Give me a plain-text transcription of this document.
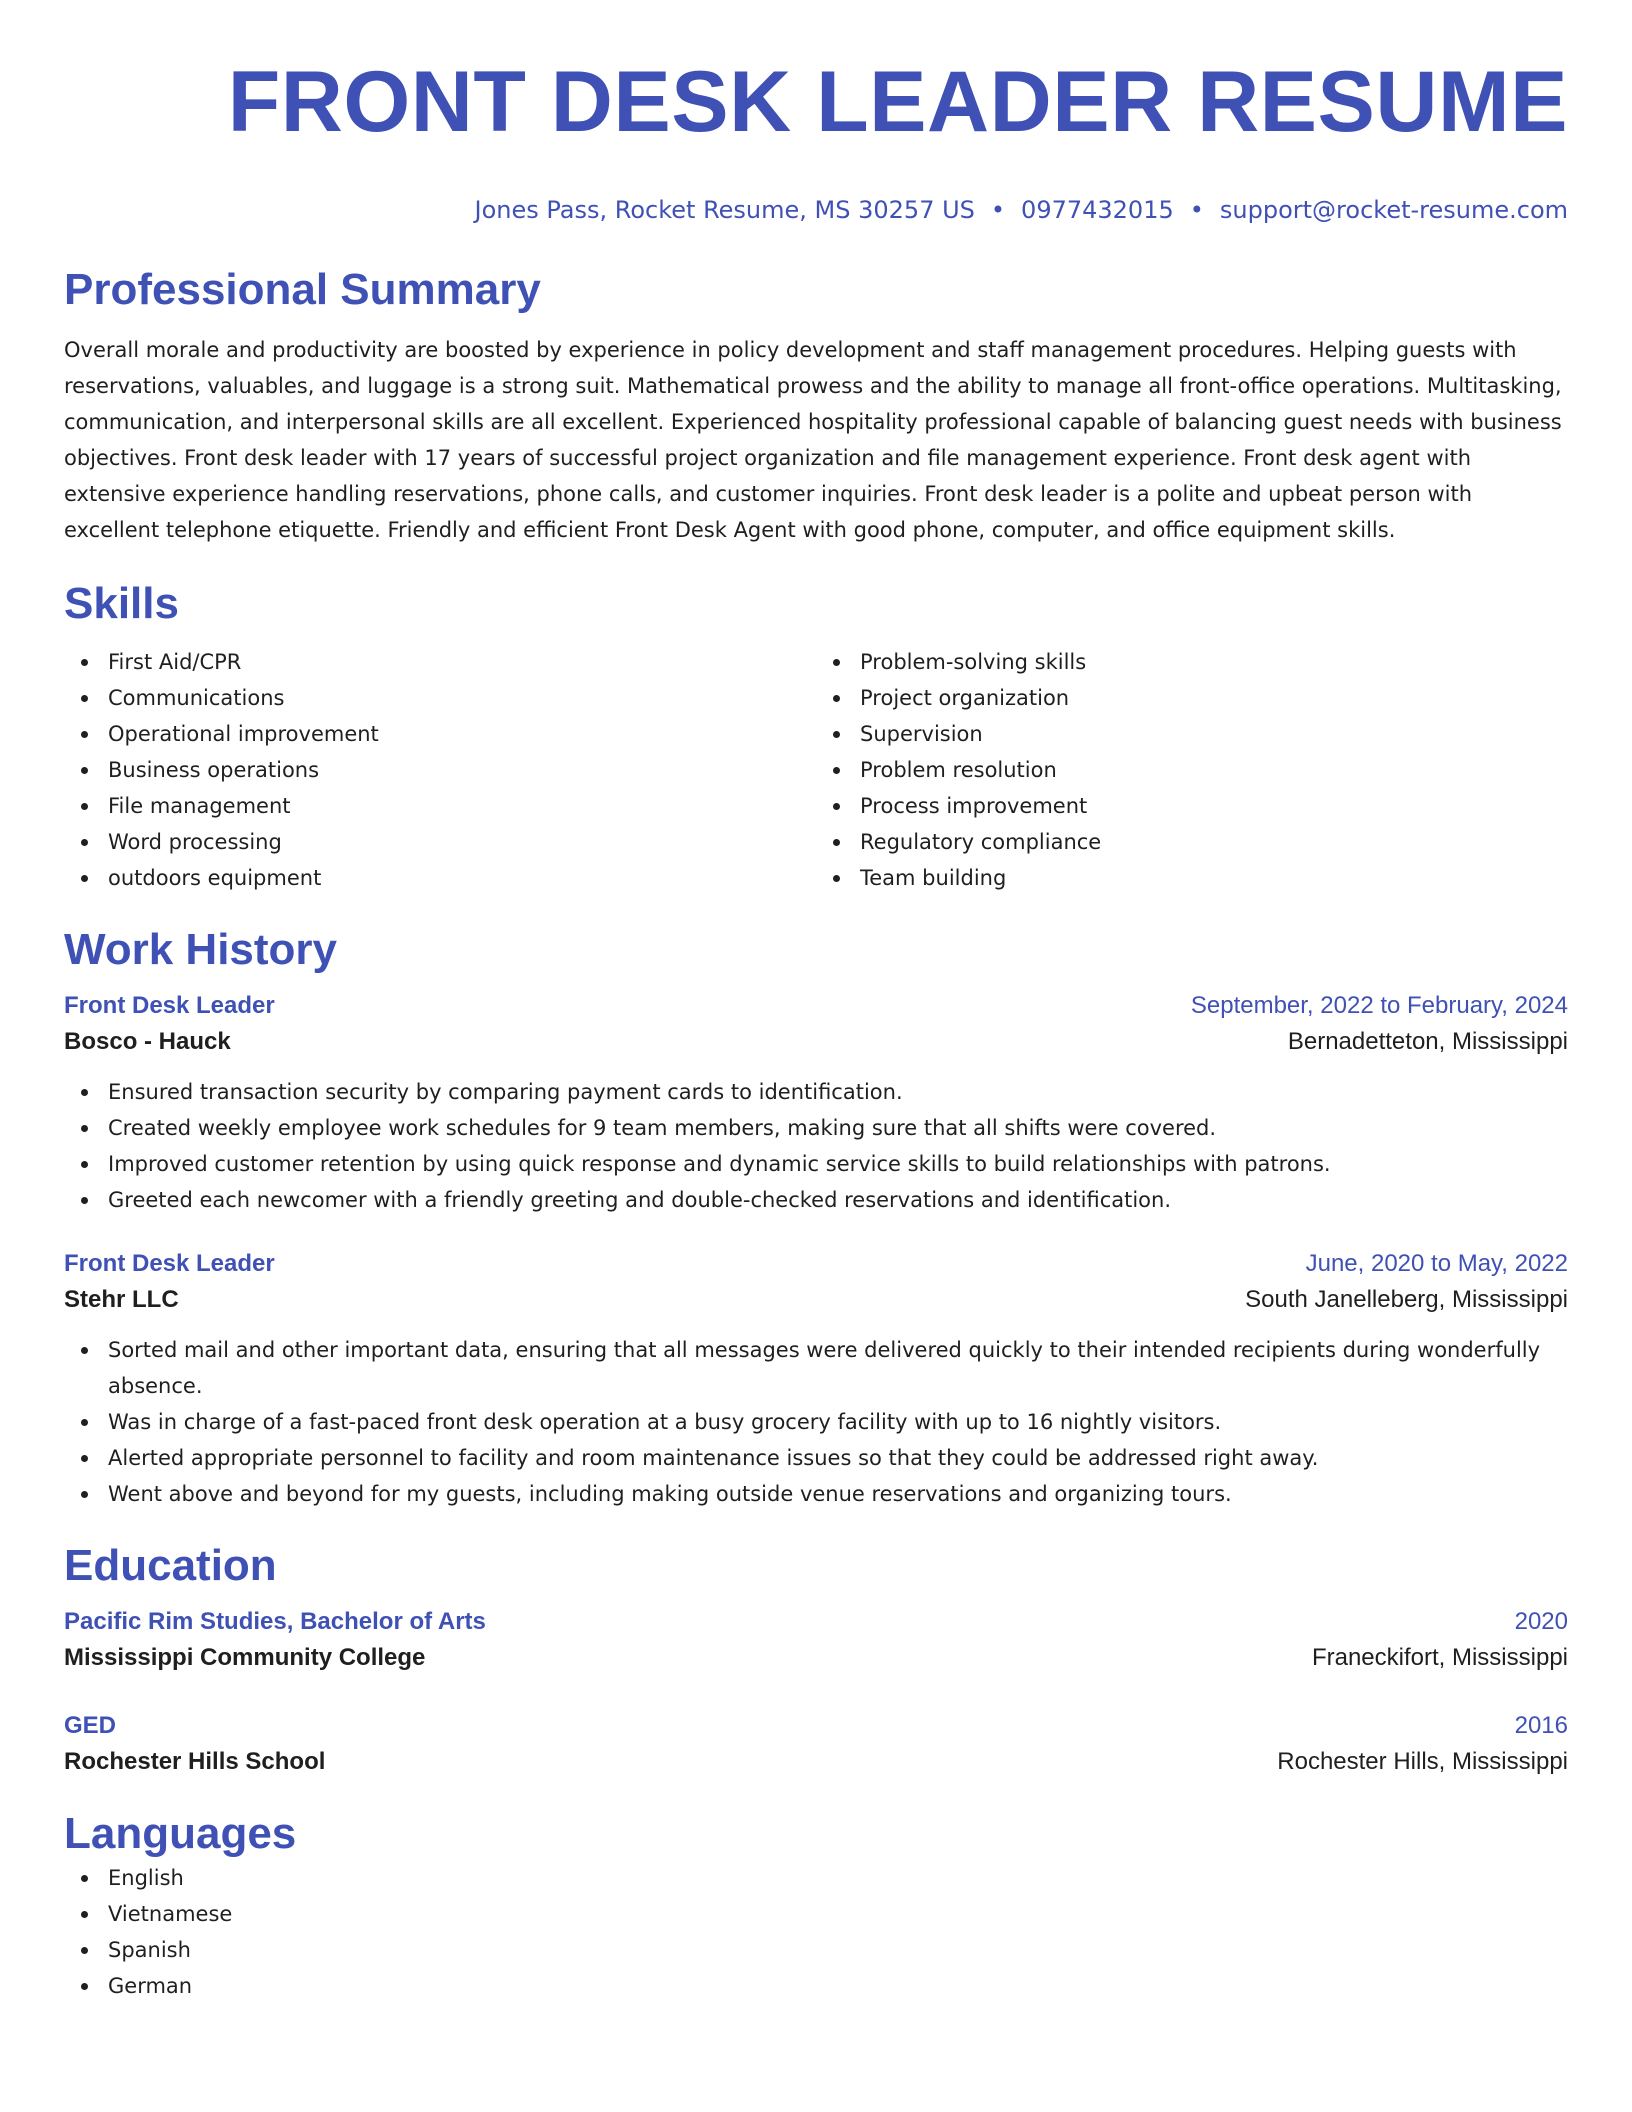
FRONT DESK LEADER RESUME
Jones Pass, Rocket Resume, MS 30257 US • 0977432015 • support@rocket-resume.com
Professional Summary
Overall morale and productivity are boosted by experience in policy development and staff management procedures. Helping guests with reservations, valuables, and luggage is a strong suit. Mathematical prowess and the ability to manage all front-office operations. Multitasking, communication, and interpersonal skills are all excellent. Experienced hospitality professional capable of balancing guest needs with business objectives. Front desk leader with 17 years of successful project organization and file management experience. Front desk agent with extensive experience handling reservations, phone calls, and customer inquiries. Front desk leader is a polite and upbeat person with excellent telephone etiquette. Friendly and efficient Front Desk Agent with good phone, computer, and office equipment skills.
Skills
First Aid/CPR
Communications
Operational improvement
Business operations
File management
Word processing
outdoors equipment
Problem-solving skills
Project organization
Supervision
Problem resolution
Process improvement
Regulatory compliance
Team building
Work History
Front Desk Leader	September, 2022 to February, 2024
Bosco - Hauck	Bernadetteton, Mississippi
Ensured transaction security by comparing payment cards to identification.
Created weekly employee work schedules for 9 team members, making sure that all shifts were covered.
Improved customer retention by using quick response and dynamic service skills to build relationships with patrons.
Greeted each newcomer with a friendly greeting and double-checked reservations and identification.
Front Desk Leader	June, 2020 to May, 2022
Stehr LLC	South Janelleberg, Mississippi
Sorted mail and other important data, ensuring that all messages were delivered quickly to their intended recipients during wonderfully absence.
Was in charge of a fast-paced front desk operation at a busy grocery facility with up to 16 nightly visitors.
Alerted appropriate personnel to facility and room maintenance issues so that they could be addressed right away.
Went above and beyond for my guests, including making outside venue reservations and organizing tours.
Education
Pacific Rim Studies, Bachelor of Arts	2020
Mississippi Community College	Franeckifort, Mississippi
GED	2016
Rochester Hills School	Rochester Hills, Mississippi
Languages
English
Vietnamese
Spanish
German
